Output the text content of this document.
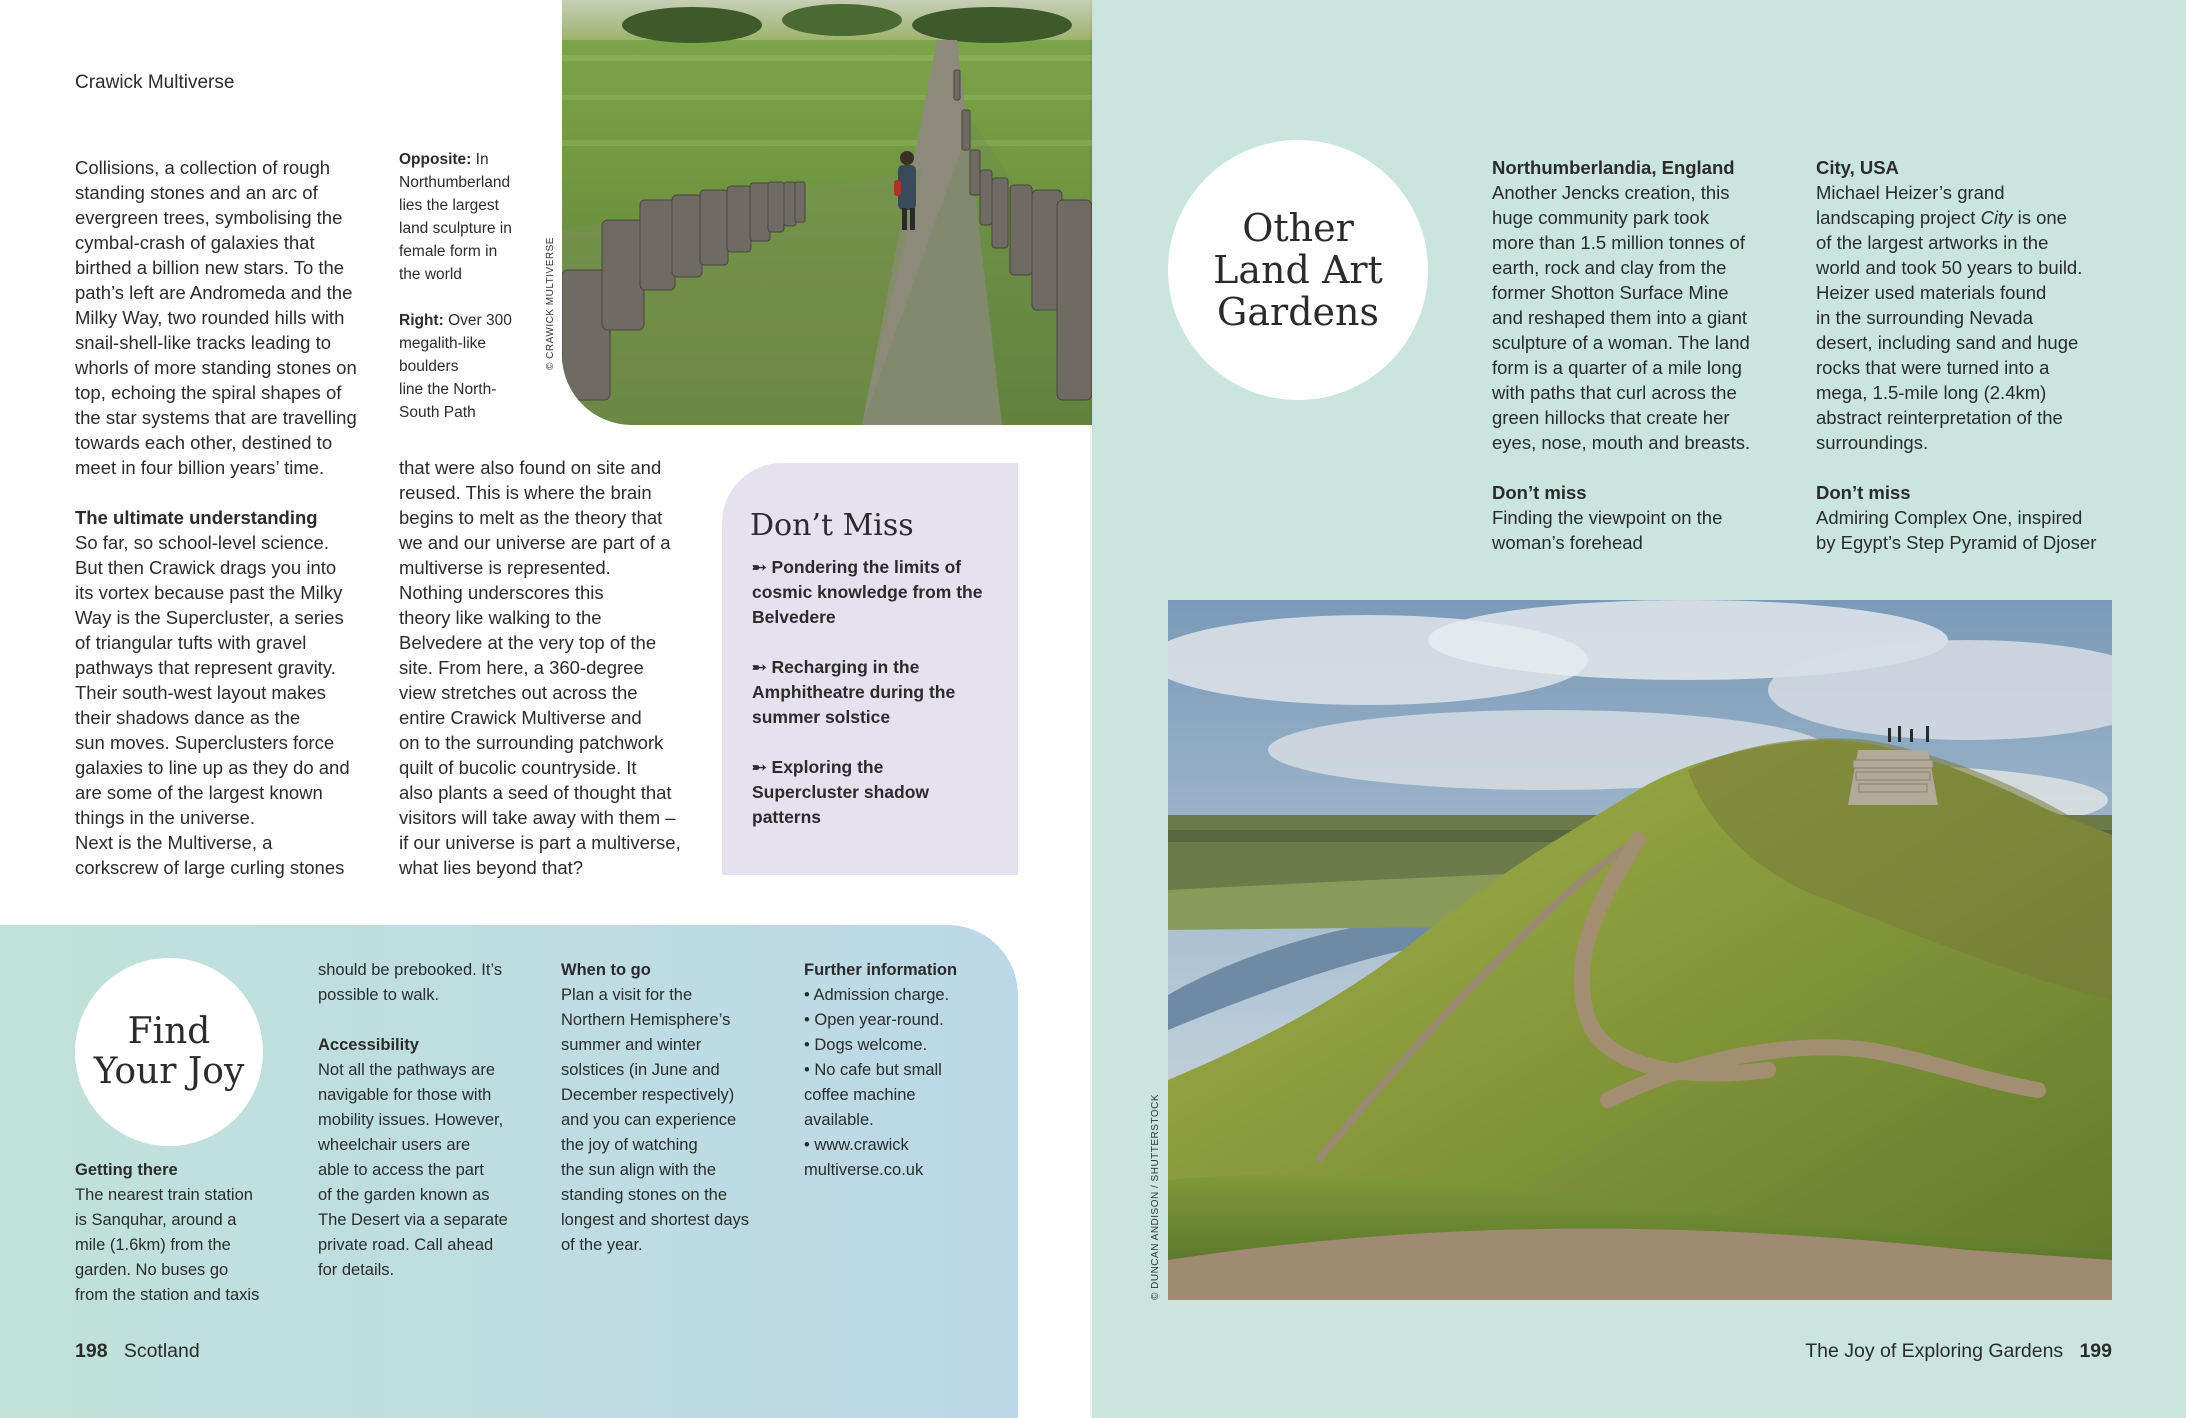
Crawick Multiverse
© CRAWICK MULTIVERSE
Opposite: In
Northumberland
lies the largest
land sculpture in
female form in
the world
Right: Over 300
megalith-like
boulders
line the North-
South Path
Collisions, a collection of rough
standing stones and an arc of
evergreen trees, symbolising the
cymbal-crash of galaxies that
birthed a billion new stars. To the
path’s left are Andromeda and the
Milky Way, two rounded hills with
snail-shell-like tracks leading to
whorls of more standing stones on
top, echoing the spiral shapes of
the star systems that are travelling
towards each other, destined to
meet in four billion years’ time.
The ultimate understanding
So far, so school-level science.
But then Crawick drags you into
its vortex because past the Milky
Way is the Supercluster, a series
of triangular tufts with gravel
pathways that represent gravity.
Their south-west layout makes
their shadows dance as the
sun moves. Superclusters force
galaxies to line up as they do and
are some of the largest known
things in the universe.
Next is the Multiverse, a
corkscrew of large curling stones
that were also found on site and
reused. This is where the brain
begins to melt as the theory that
we and our universe are part of a
multiverse is represented.
Nothing underscores this
theory like walking to the
Belvedere at the very top of the
site. From here, a 360-degree
view stretches out across the
entire Crawick Multiverse and
on to the surrounding patchwork
quilt of bucolic countryside. It
also plants a seed of thought that
visitors will take away with them –
if our universe is part a multiverse,
what lies beyond that?
Don’t Miss
➸ Pondering the limits of
cosmic knowledge from the
Belvedere
➸ Recharging in the
Amphitheatre during the
summer solstice
➸ Exploring the
Supercluster shadow
patterns
Find
Your Joy
Getting there
The nearest train station
is Sanquhar, around a
mile (1.6km) from the
garden. No buses go
from the station and taxis
should be prebooked. It’s
possible to walk.
Accessibility
Not all the pathways are
navigable for those with
mobility issues. However,
wheelchair users are
able to access the part
of the garden known as
The Desert via a separate
private road. Call ahead
for details.
When to go
Plan a visit for the
Northern Hemisphere’s
summer and winter
solstices (in June and
December respectively)
and you can experience
the joy of watching
the sun align with the
standing stones on the
longest and shortest days
of the year.
Further information
• Admission charge.
• Open year-round.
• Dogs welcome.
• No cafe but small
coffee machine
available.
• www.crawick
multiverse.co.uk
198 Scotland
Other
Land Art
Gardens
Northumberlandia, England
Another Jencks creation, this
huge community park took
more than 1.5 million tonnes of
earth, rock and clay from the
former Shotton Surface Mine
and reshaped them into a giant
sculpture of a woman. The land
form is a quarter of a mile long
with paths that curl across the
green hillocks that create her
eyes, nose, mouth and breasts.
Don’t miss
Finding the viewpoint on the
woman’s forehead
City, USA
Michael Heizer’s grand
landscaping project City is one
of the largest artworks in the
world and took 50 years to build.
Heizer used materials found
in the surrounding Nevada
desert, including sand and huge
rocks that were turned into a
mega, 1.5-mile long (2.4km)
abstract reinterpretation of the
surroundings.
Don’t miss
Admiring Complex One, inspired
by Egypt’s Step Pyramid of Djoser
© DUNCAN ANDISON / SHUTTERSTOCK
The Joy of Exploring Gardens 199
